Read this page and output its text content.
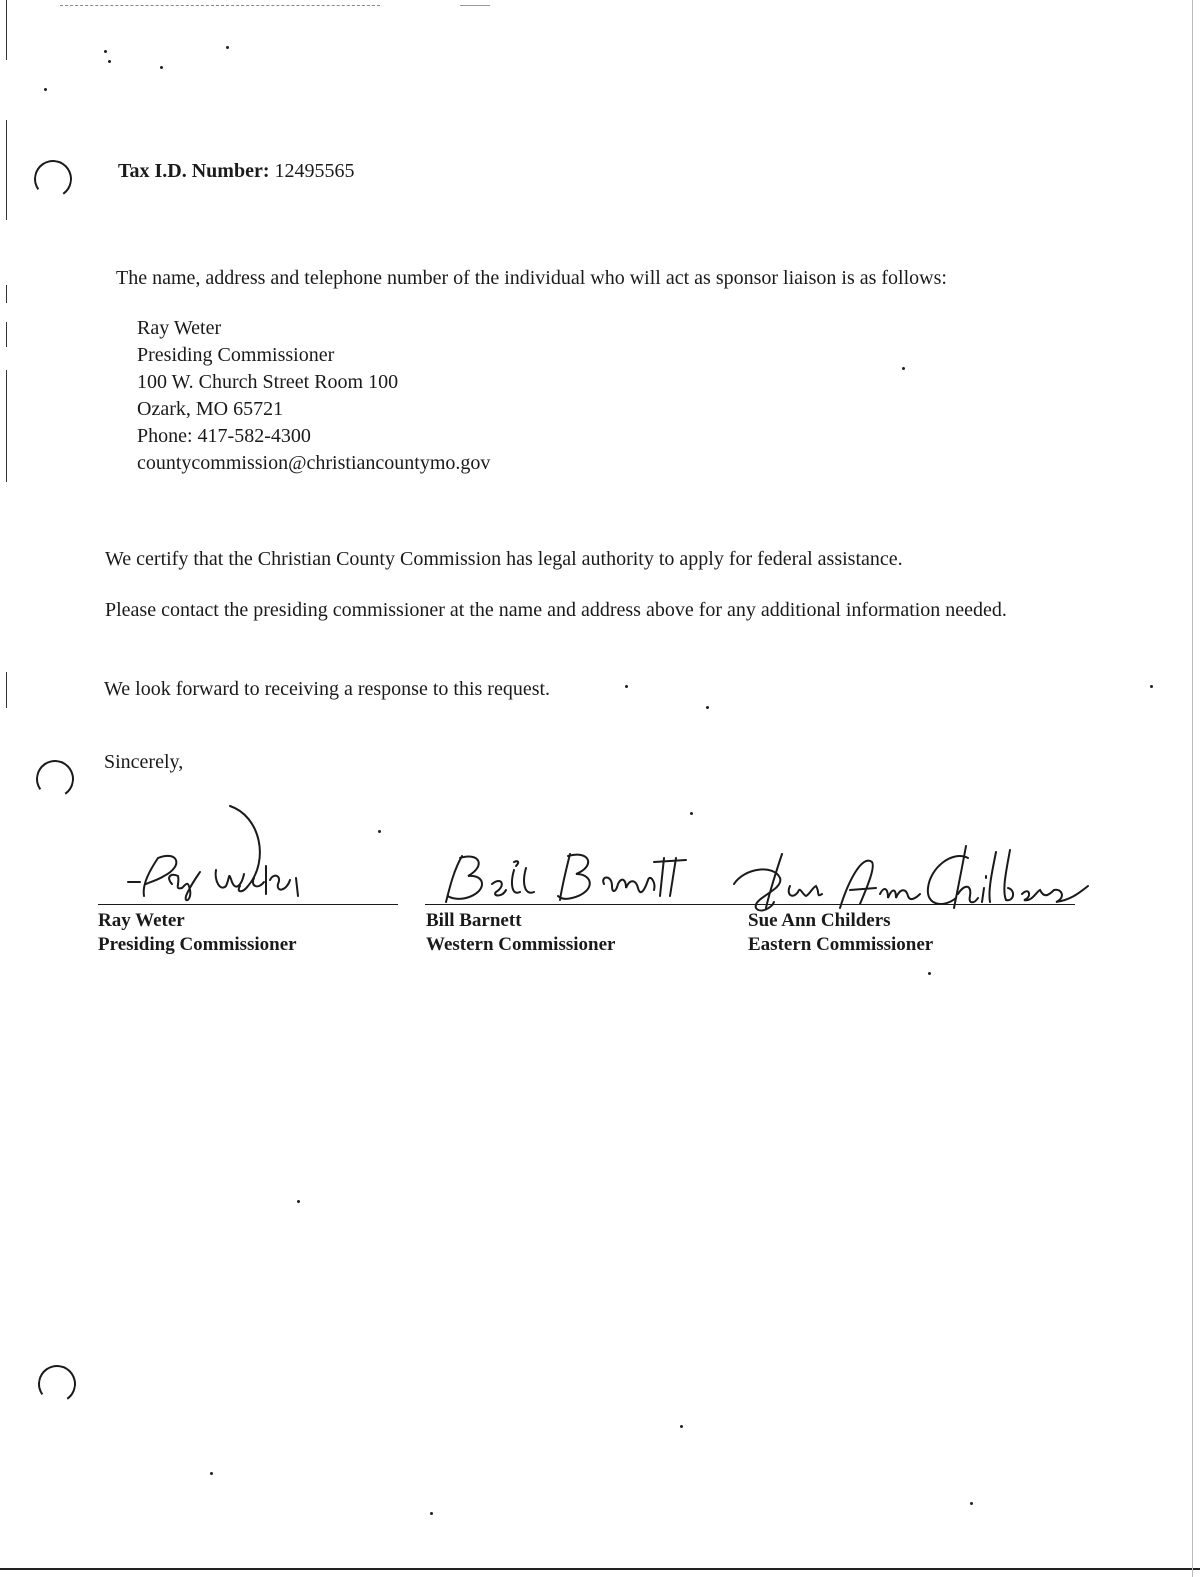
Tax I.D. Number: 12495565
The name, address and telephone number of the individual who will act as sponsor liaison is as follows:
Ray Weter
Presiding Commissioner
100 W. Church Street Room 100
Ozark, MO 65721
Phone: 417-582-4300
countycommission@christiancountymo.gov
We certify that the Christian County Commission has legal authority to apply for federal assistance.
Please contact the presiding commissioner at the name and address above for any additional information needed.
We look forward to receiving a response to this request.
Sincerely,
Ray Weter
Presiding Commissioner
Bill Barnett
Western Commissioner
Sue Ann Childers
Eastern Commissioner
